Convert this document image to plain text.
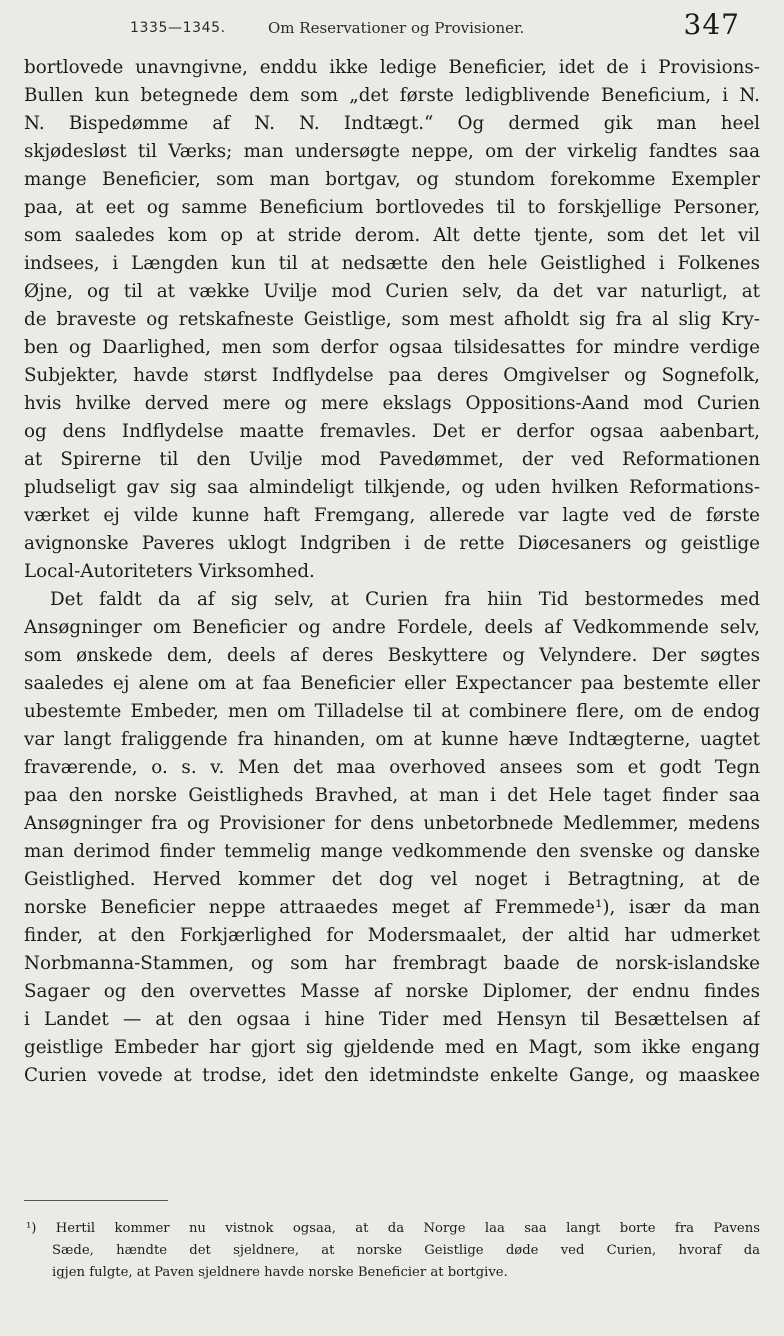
1335—1345.	Om Reservationer og Provisioner.	347
bortlovede unavngivne, enddu ikke ledige Beneficier, idet de i Provisions-
Bullen kun betegnede dem som „det første ledigblivende Beneficium, i N.
N. Bispedømme af N. N. Indtægt.“ Og dermed gik man heel
skjødesløst til Værks; man undersøgte neppe, om der virkelig fandtes saa
mange Beneficier, som man bortgav, og stundom forekomme Exempler
paa, at eet og samme Beneficium bortlovedes til to forskjellige Personer,
som saaledes kom op at stride derom. Alt dette tjente, som det let vil
indsees, i Længden kun til at nedsætte den hele Geistlighed i Folkenes
Øjne, og til at vække Uvilje mod Curien selv, da det var naturligt, at
de braveste og retskafneste Geistlige, som mest afholdt sig fra al slig Kry-
ben og Daarlighed, men som derfor ogsaa tilsidesattes for mindre verdige
Subjekter, havde størst Indflydelse paa deres Omgivelser og Sognefolk,
hvis hvilke derved mere og mere ekslags Oppositions-Aand mod Curien
og dens Indflydelse maatte fremavles. Det er derfor ogsaa aabenbart,
at Spirerne til den Uvilje mod Pavedømmet, der ved Reformationen
pludseligt gav sig saa almindeligt tilkjende, og uden hvilken Reformations-
værket ej vilde kunne haft Fremgang, allerede var lagte ved de første
avignonske Paveres uklogt Indgriben i de rette Diøcesaners og geistlige
Local-Autoriteters Virksomhed.
Det faldt da af sig selv, at Curien fra hiin Tid bestormedes med
Ansøgninger om Beneficier og andre Fordele, deels af Vedkommende selv,
som ønskede dem, deels af deres Beskyttere og Velyndere. Der søgtes
saaledes ej alene om at faa Beneficier eller Expectancer paa bestemte eller
ubestemte Embeder, men om Tilladelse til at combinere flere, om de endog
var langt fraliggende fra hinanden, om at kunne hæve Indtægterne, uagtet
fraværende, o. s. v. Men det maa overhoved ansees som et godt Tegn
paa den norske Geistligheds Bravhed, at man i det Hele taget finder saa
Ansøgninger fra og Provisioner for dens unbetorbnede Medlemmer, medens
man derimod finder temmelig mange vedkommende den svenske og danske
Geistlighed. Herved kommer det dog vel noget i Betragtning, at de
norske Beneficier neppe attraaedes meget af Fremmede¹), især da man
finder, at den Forkjærlighed for Modersmaalet, der altid har udmerket
Norbmanna-Stammen, og som har frembragt baade de norsk-islandske
Sagaer og den overvettes Masse af norske Diplomer, der endnu findes
i Landet — at den ogsaa i hine Tider med Hensyn til Besættelsen af
geistlige Embeder har gjort sig gjeldende med en Magt, som ikke engang
Curien vovede at trodse, idet den idetmindste enkelte Gange, og maaskee
¹) Hertil kommer nu vistnok ogsaa, at da Norge laa saa langt borte fra Pavens
Sæde, hændte det sjeldnere, at norske Geistlige døde ved Curien, hvoraf da
igjen fulgte, at Paven sjeldnere havde norske Beneficier at bortgive.
